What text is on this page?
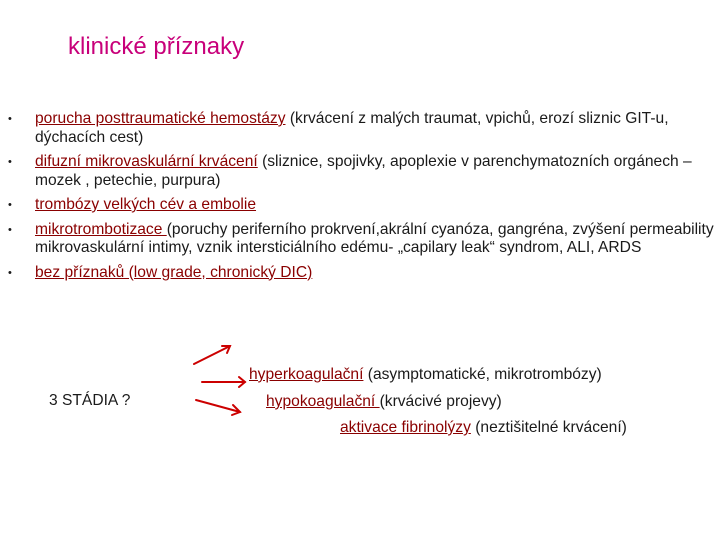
klinické příznaky
•	porucha posttraumatické hemostázy (krvácení z malých traumat, vpichů, erozí sliznic GIT-u, dýchacích cest)
•	difuzní mikrovaskulární krvácení (sliznice, spojivky, apoplexie v parenchymatozních orgánech –mozek , petechie, purpura)
•	trombózy velkých cév a embolie
•	mikrotrombotizace (poruchy periferního prokrvení,akrální cyanóza, gangréna, zvýšení permeability mikrovaskulární intimy, vznik intersticiálního edému- „capilary leak“ syndrom, ALI, ARDS
•	bez příznaků (low grade, chronický DIC)
3 STÁDIA ?
hyperkoagulační (asymptomatické, mikrotrombózy)
hypokoagulační (krvácivé projevy)
aktivace fibrinolýzy (neztišitelné krvácení)
